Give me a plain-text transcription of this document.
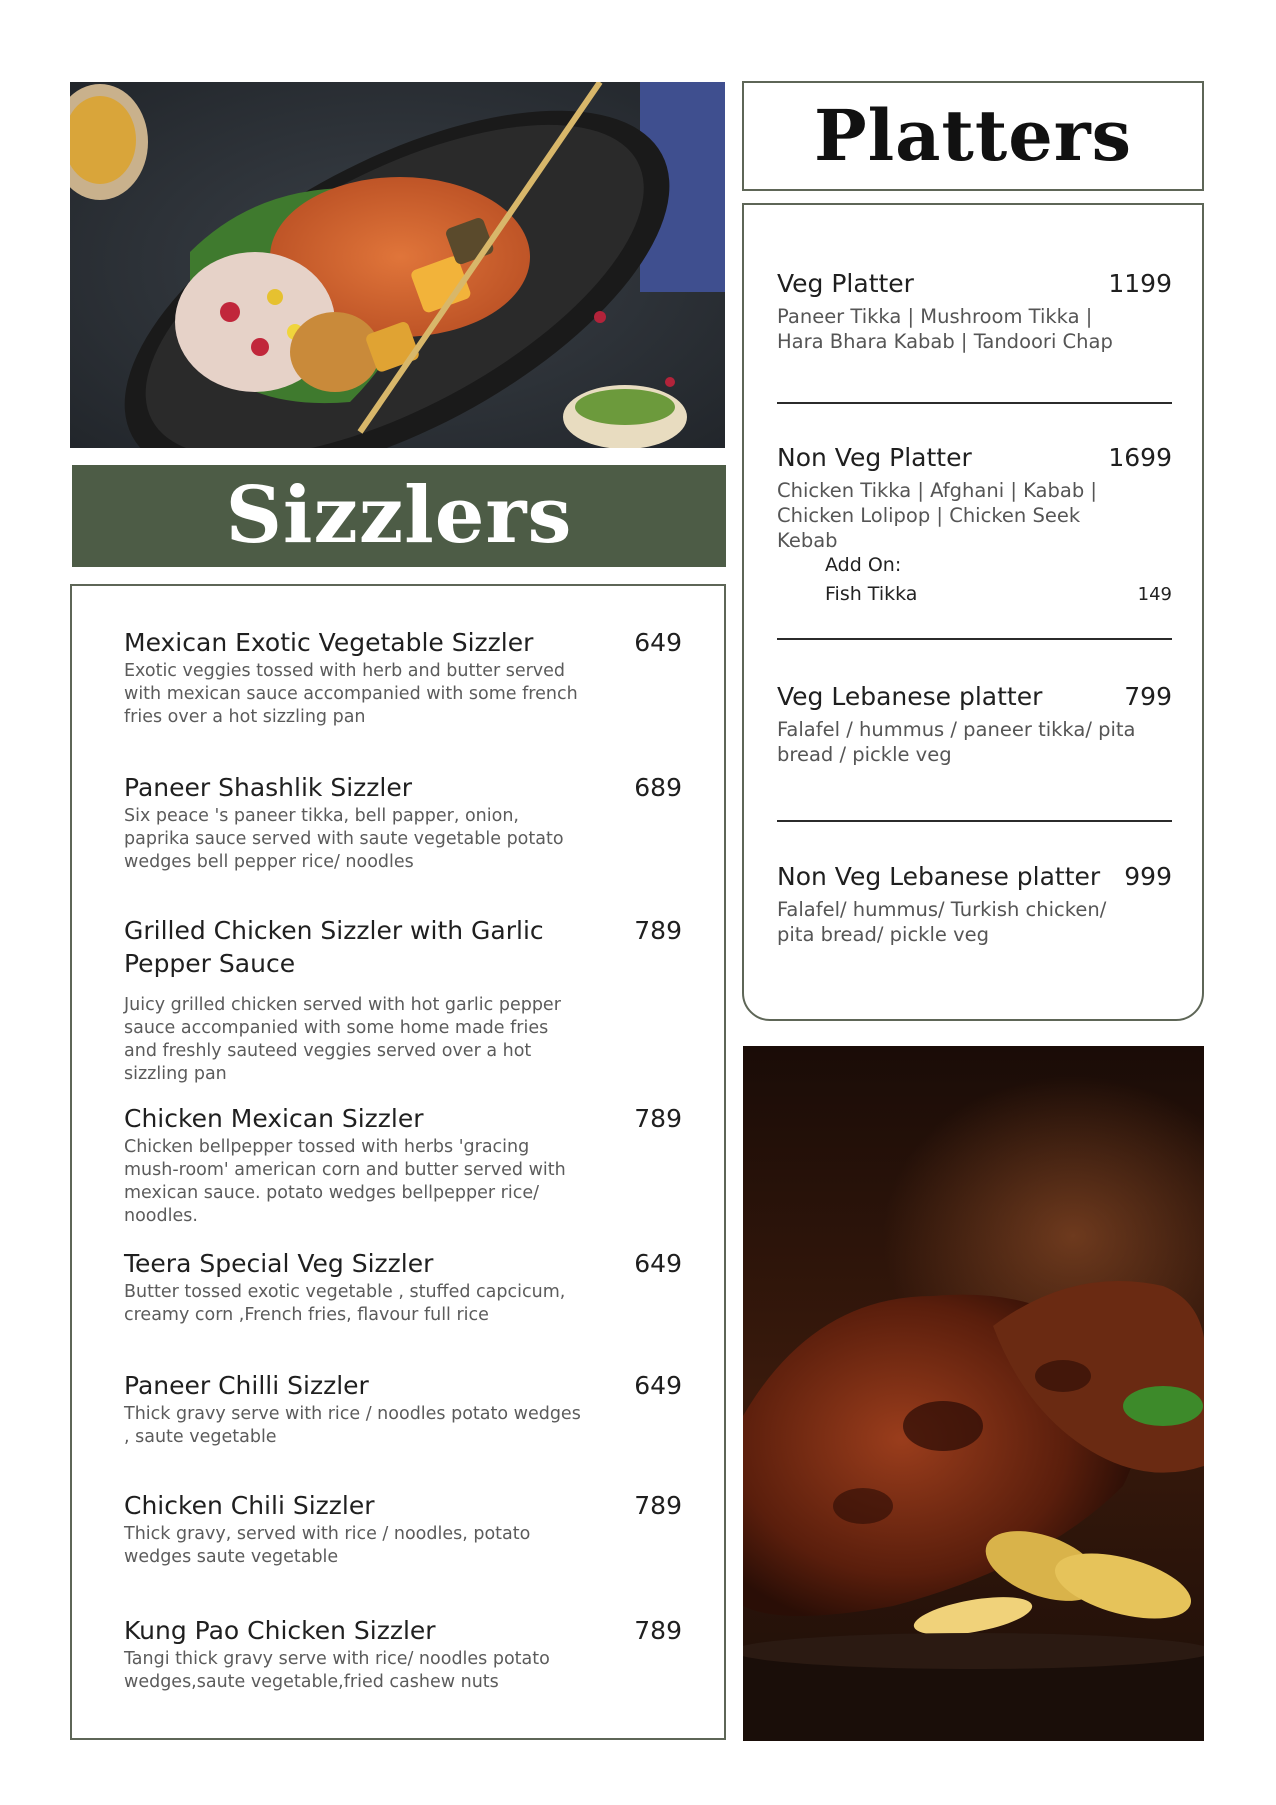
Sizzlers
Mexican Exotic Vegetable Sizzler	649
Exotic veggies tossed with herb and butter served with mexican sauce accompanied with some french fries over a hot sizzling pan
Paneer Shashlik Sizzler	689
Six peace 's paneer tikka, bell papper, onion, paprika sauce served with saute vegetable potato wedges bell pepper rice/ noodles
Grilled Chicken Sizzler with Garlic Pepper Sauce
789
Juicy grilled chicken served with hot garlic pepper sauce accompanied with some home made fries and freshly sauteed veggies served over a hot sizzling pan
Chicken Mexican Sizzler	789
Chicken bellpepper tossed with herbs 'gracing mush-room' american corn and butter served with mexican sauce. potato wedges bellpepper rice/ noodles.
Teera Special Veg Sizzler	649
Butter tossed exotic vegetable , stuffed capcicum, creamy corn ,French fries, flavour full rice
Paneer Chilli Sizzler	649
Thick gravy serve with rice / noodles potato wedges , saute vegetable
Chicken Chili Sizzler	789
Thick gravy, served with rice / noodles, potato wedges saute vegetable
Kung Pao Chicken Sizzler	789
Tangi thick gravy serve with rice/ noodles potato wedges,saute vegetable,fried cashew nuts
Platters
Veg Platter	1199
Paneer Tikka | Mushroom Tikka | Hara Bhara Kabab | Tandoori Chap
Non Veg Platter	1699
Chicken Tikka | Afghani | Kabab | Chicken Lolipop | Chicken Seek Kebab
Add On:
Fish Tikka	149
Veg Lebanese platter	799
Falafel / hummus / paneer tikka/ pita bread / pickle veg
Non Veg Lebanese platter 999
Falafel/ hummus/ Turkish chicken/ pita bread/ pickle veg
